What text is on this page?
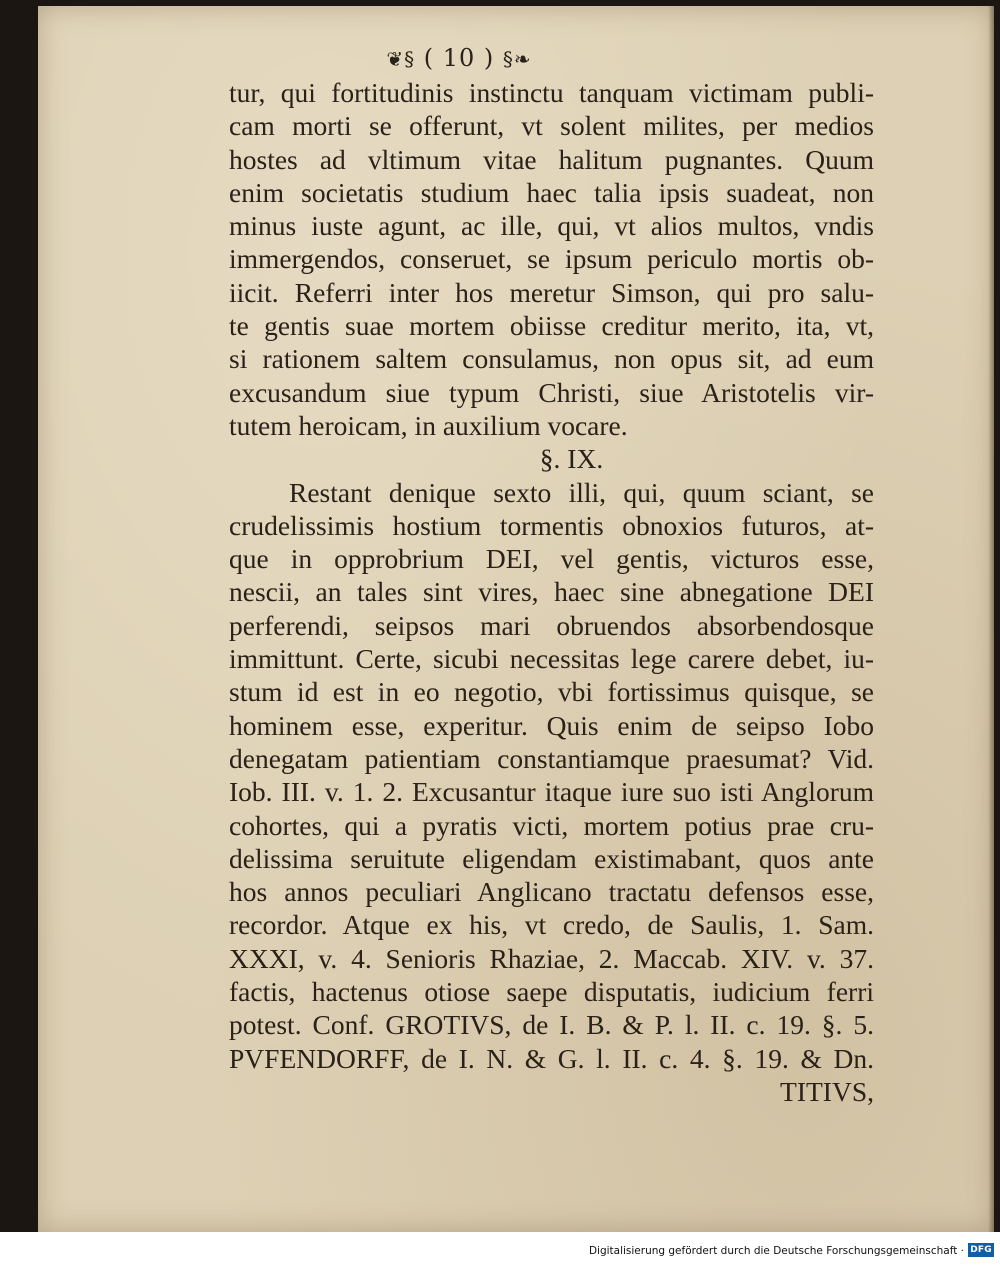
❦§ ( 10 ) §❧
tur, qui fortitudinis instinctu tanquam victimam publi-
cam morti se offerunt, vt solent milites, per medios
hostes ad vltimum vitae halitum pugnantes. Quum
enim societatis studium haec talia ipsis suadeat, non
minus iuste agunt, ac ille, qui, vt alios multos, vndis
immergendos, conseruet, se ipsum periculo mortis ob-
iicit. Referri inter hos meretur Simson, qui pro salu-
te gentis suae mortem obiisse creditur merito, ita, vt,
si rationem saltem consulamus, non opus sit, ad eum
excusandum siue typum Christi, siue Aristotelis vir-
tutem heroicam, in auxilium vocare.
§. IX.
Restant denique sexto illi, qui, quum sciant, se
crudelissimis hostium tormentis obnoxios futuros, at-
que in opprobrium DEI, vel gentis, victuros esse,
nescii, an tales sint vires, haec sine abnegatione DEI
perferendi, seipsos mari obruendos absorbendosque
immittunt. Certe, sicubi necessitas lege carere debet, iu-
stum id est in eo negotio, vbi fortissimus quisque, se
hominem esse, experitur. Quis enim de seipso Iobo
denegatam patientiam constantiamque praesumat? Vid.
Iob. III. v. 1. 2. Excusantur itaque iure suo isti Anglorum
cohortes, qui a pyratis victi, mortem potius prae cru-
delissima seruitute eligendam existimabant, quos ante
hos annos peculiari Anglicano tractatu defensos esse,
recordor. Atque ex his, vt credo, de Saulis, 1. Sam.
XXXI, v. 4. Senioris Rhaziae, 2. Maccab. XIV. v. 37.
factis, hactenus otiose saepe disputatis, iudicium ferri
potest. Conf. GROTIVS, de I. B. & P. l. II. c. 19. §. 5.
PVFENDORFF, de I. N. & G. l. II. c. 4. §. 19. & Dn.
TITIVS,
Digitalisierung gefördert durch die Deutsche Forschungsgemeinschaft · DFG
